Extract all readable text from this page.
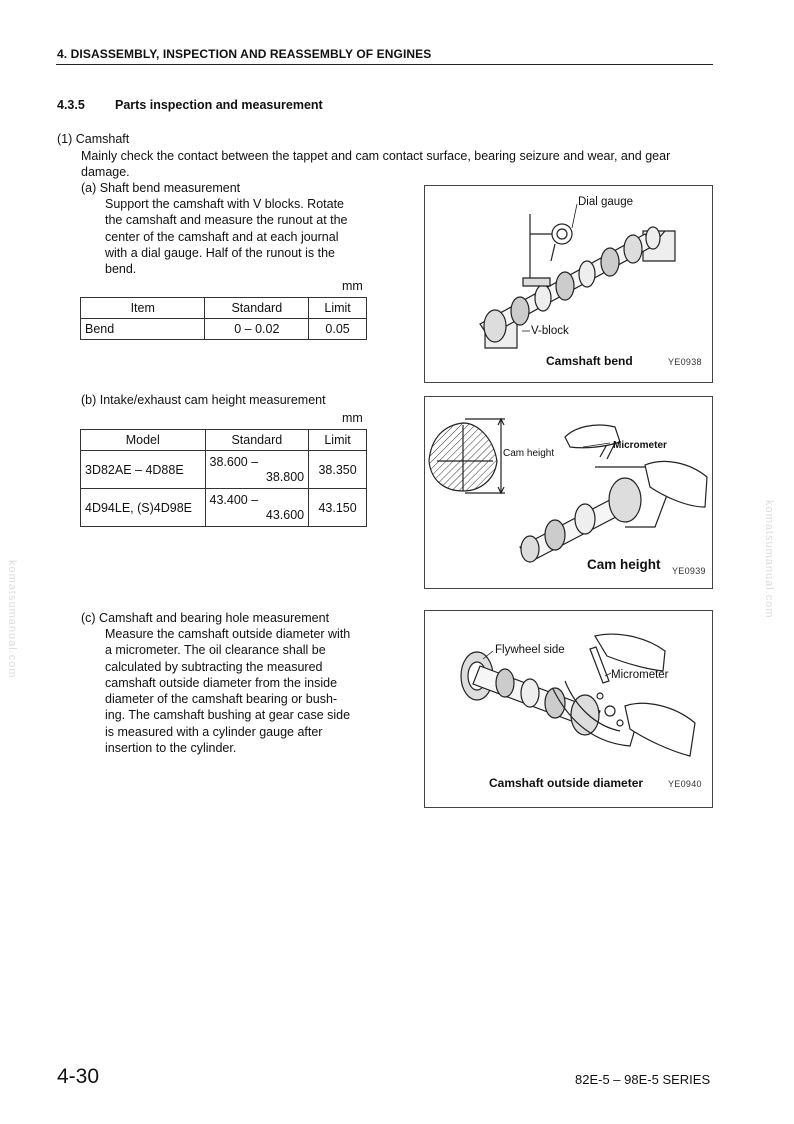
4. DISASSEMBLY, INSPECTION AND REASSEMBLY OF ENGINES
4.3.5 Parts inspection and measurement
(1) Camshaft
Mainly check the contact between the tappet and cam contact surface, bearing seizure and wear, and gear
damage.
(a) Shaft bend measurement
Support the camshaft with V blocks. Rotate
the camshaft and measure the runout at the
center of the camshaft and at each journal
with a dial gauge. Half of the runout is the
bend.
mm
Item	Standard	Limit
Bend	0 – 0.02	0.05
Dial gauge
V-block
Camshaft bend	YE0938
(b) Intake/exhaust cam height measurement
mm
Model	Standard	Limit
3D82AE – 4D88E	38.600 –
38.800	38.350
4D94LE, (S)4D98E	43.400 –
43.600	43.150
Cam height
Micrometer
Cam height YE0939
(c) Camshaft and bearing hole measurement
Measure the camshaft outside diameter with
a micrometer. The oil clearance shall be
calculated by subtracting the measured
camshaft outside diameter from the inside
diameter of the camshaft bearing or bush-
ing. The camshaft bushing at gear case side
is measured with a cylinder gauge after
insertion to the cylinder.
Flywheel side
Micrometer
Camshaft outside diameter	YE0940
komatsumanual.com
komatsumanual.com
4-30	82E-5 – 98E-5 SERIES
